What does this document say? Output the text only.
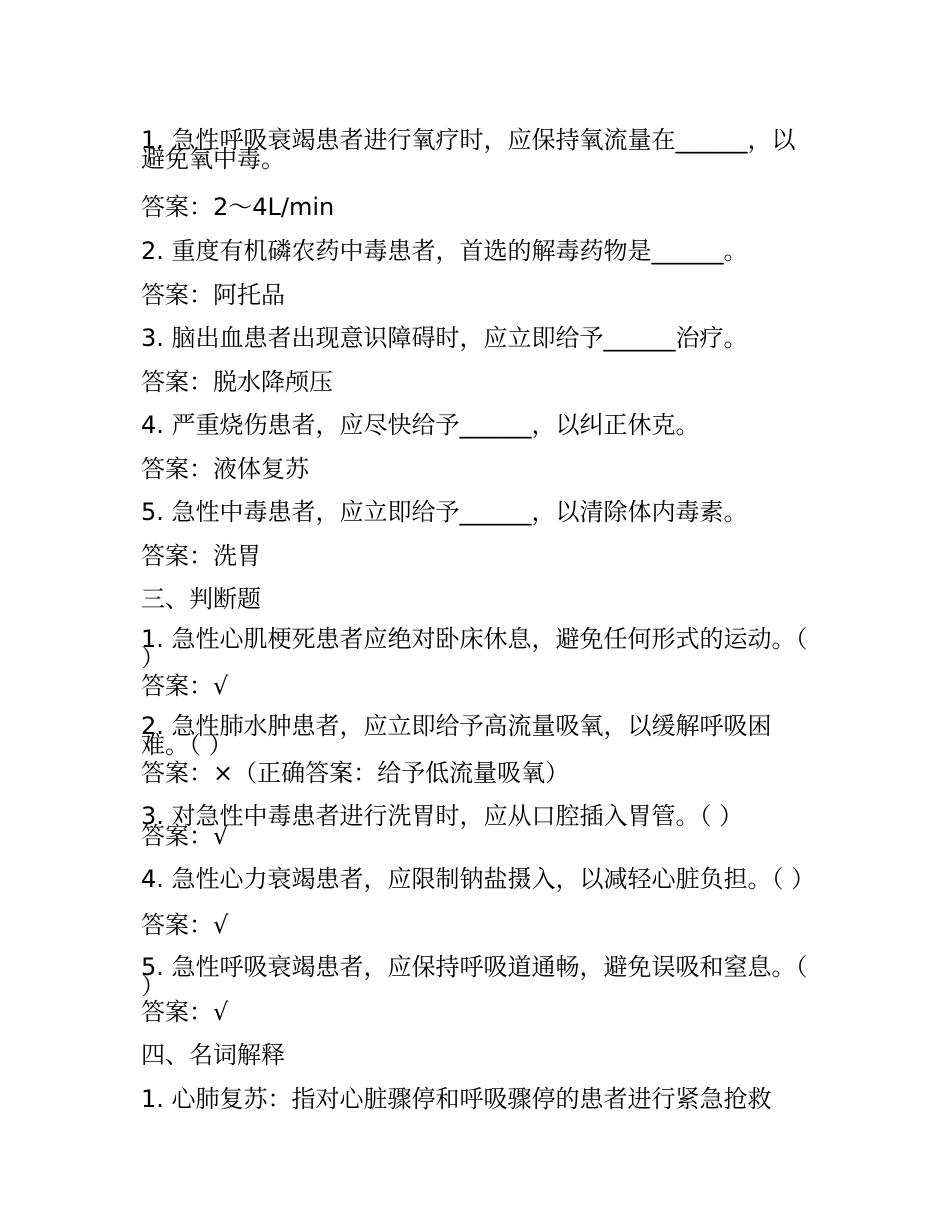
1. 急性呼吸衰竭患者进行氧疗时，应保持氧流量在______，以避免氧中毒。
答案：2～4L/min
2. 重度有机磷农药中毒患者，首选的解毒药物是______。
答案：阿托品
3. 脑出血患者出现意识障碍时，应立即给予______治疗。
答案：脱水降颅压
4. 严重烧伤患者，应尽快给予______，以纠正休克。
答案：液体复苏
5. 急性中毒患者，应立即给予______，以清除体内毒素。
答案：洗胃
三、判断题
1. 急性心肌梗死患者应绝对卧床休息，避免任何形式的运动。（ ）
答案：√
2. 急性肺水肿患者，应立即给予高流量吸氧，以缓解呼吸困难。（ ）
答案：×（正确答案：给予低流量吸氧）
3. 对急性中毒患者进行洗胃时，应从口腔插入胃管。（ ）
答案：√
4. 急性心力衰竭患者，应限制钠盐摄入，以减轻心脏负担。（ ）
答案：√
5. 急性呼吸衰竭患者，应保持呼吸道通畅，避免误吸和窒息。（ ）
答案：√
四、名词解释
1. 心肺复苏：指对心脏骤停和呼吸骤停的患者进行紧急抢救
